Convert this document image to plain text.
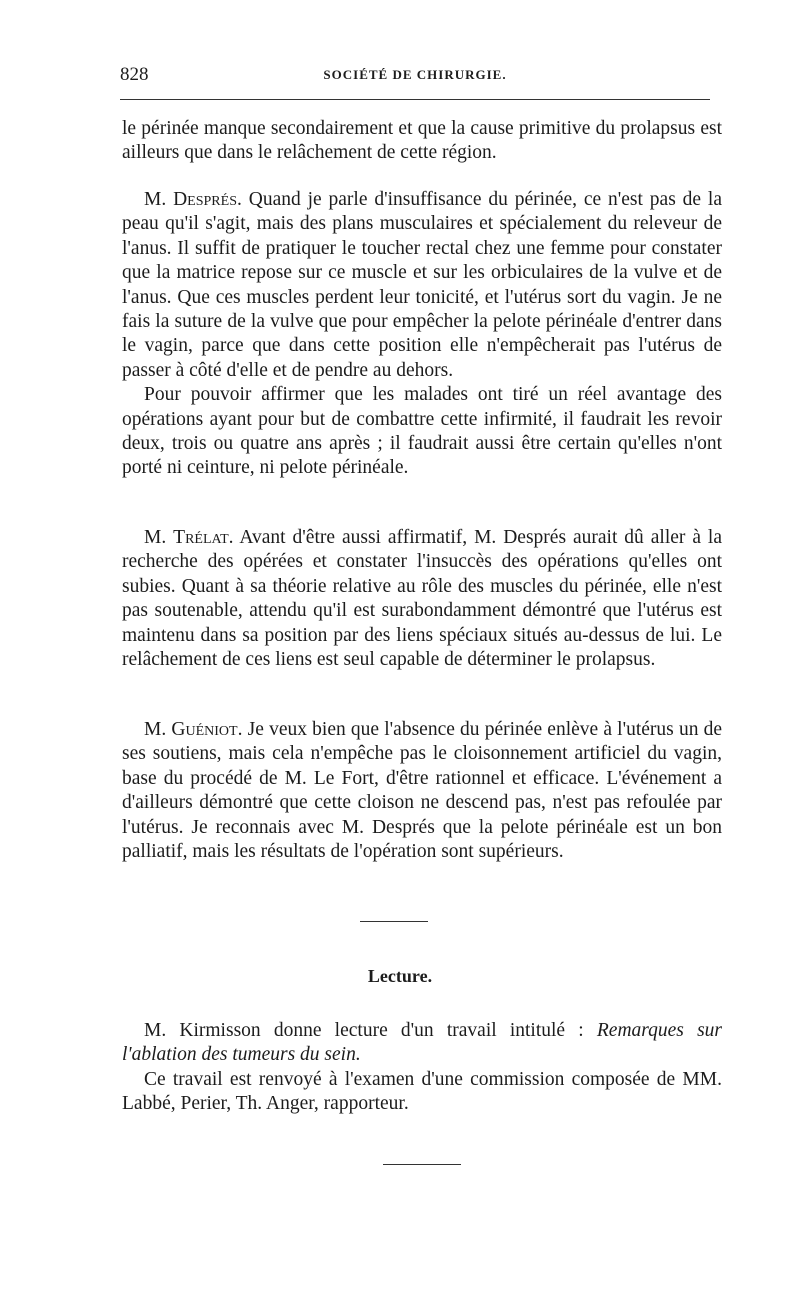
828	SOCIÉTÉ DE CHIRURGIE.

le périnée manque secondairement et que la cause primitive du prolapsus est ailleurs que dans le relâchement de cette région.

M. Després. Quand je parle d'insuffisance du périnée, ce n'est pas de la peau qu'il s'agit, mais des plans musculaires et spécialement du releveur de l'anus. Il suffit de pratiquer le toucher rectal chez une femme pour constater que la matrice repose sur ce muscle et sur les orbiculaires de la vulve et de l'anus. Que ces muscles perdent leur tonicité, et l'utérus sort du vagin. Je ne fais la suture de la vulve que pour empêcher la pelote périnéale d'entrer dans le vagin, parce que dans cette position elle n'empêcherait pas l'utérus de passer à côté d'elle et de pendre au dehors.

Pour pouvoir affirmer que les malades ont tiré un réel avantage des opérations ayant pour but de combattre cette infirmité, il faudrait les revoir deux, trois ou quatre ans après ; il faudrait aussi être certain qu'elles n'ont porté ni ceinture, ni pelote périnéale.

M. Trélat. Avant d'être aussi affirmatif, M. Després aurait dû aller à la recherche des opérées et constater l'insuccès des opérations qu'elles ont subies. Quant à sa théorie relative au rôle des muscles du périnée, elle n'est pas soutenable, attendu qu'il est surabondamment démontré que l'utérus est maintenu dans sa position par des liens spéciaux situés au-dessus de lui. Le relâchement de ces liens est seul capable de déterminer le prolapsus.

M. Guéniot. Je veux bien que l'absence du périnée enlève à l'utérus un de ses soutiens, mais cela n'empêche pas le cloisonnement artificiel du vagin, base du procédé de M. Le Fort, d'être rationnel et efficace. L'événement a d'ailleurs démontré que cette cloison ne descend pas, n'est pas refoulée par l'utérus. Je reconnais avec M. Després que la pelote périnéale est un bon palliatif, mais les résultats de l'opération sont supérieurs.

Lecture.

M. Kirmisson donne lecture d'un travail intitulé : Remarques sur l'ablation des tumeurs du sein.

Ce travail est renvoyé à l'examen d'une commission composée de MM. Labbé, Perier, Th. Anger, rapporteur.
